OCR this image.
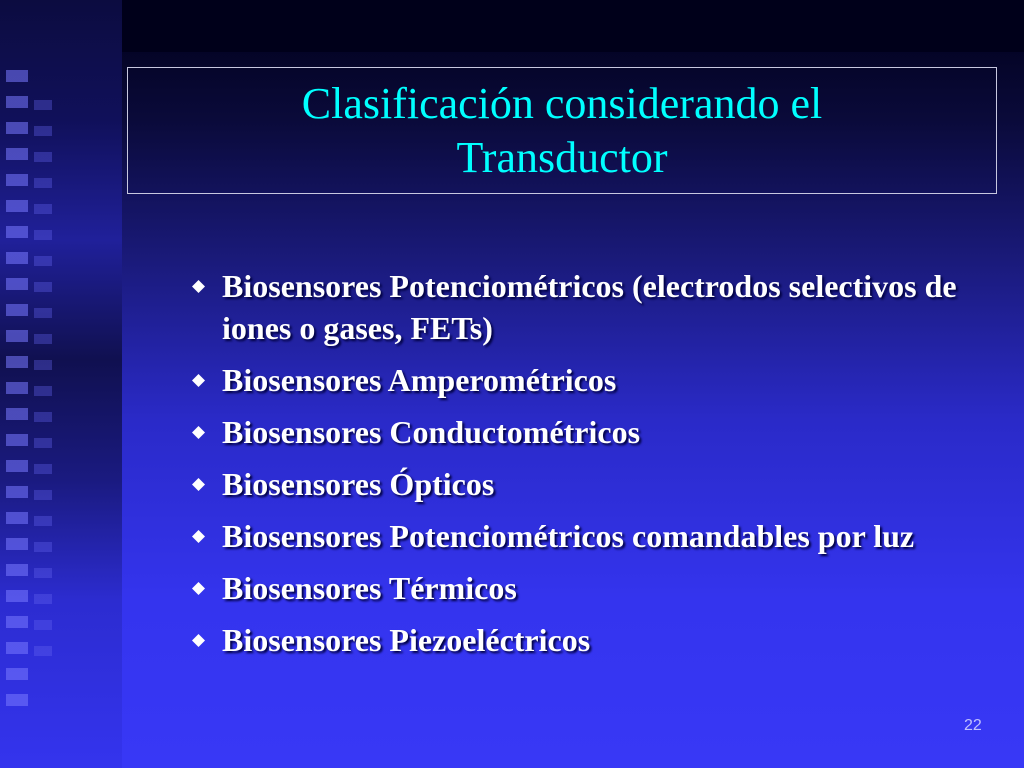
Clasificación considerando el Transductor
Biosensores Potenciométricos (electrodos selectivos de iones o gases, FETs)
Biosensores Amperométricos
Biosensores Conductométricos
Biosensores Ópticos
Biosensores Potenciométricos comandables por luz
Biosensores Térmicos
Biosensores Piezoeléctricos
22
